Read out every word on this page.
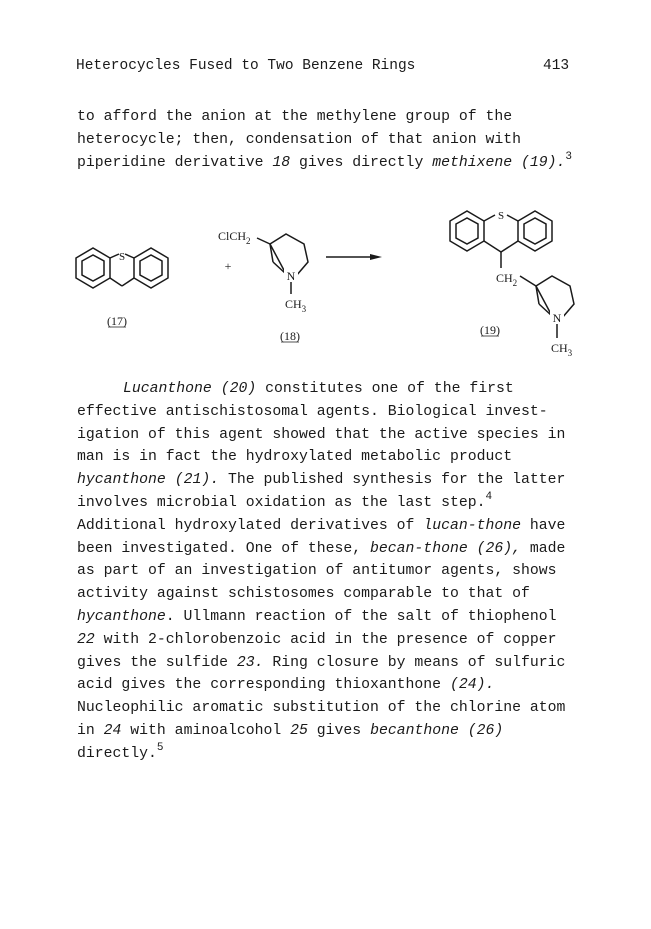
Heterocycles Fused to Two Benzene Rings	413

to afford the anion at the methylene group of the heterocycle; then, condensation of that anion with piperidine derivative 18 gives directly methixene (19).$^3$

S
(17)
+
ClCH$_2$
N
$CH_3$
(18)
S
$CH_2$
N
$CH_3$
(19)

Lucanthone (20) constitutes one of the first effective antischistosomal agents. Biological invest-igation of this agent showed that the active species in man is in fact the hydroxylated metabolic product hycanthone (21). The published synthesis for the latter involves microbial oxidation as the last step.$^4$ Additional hydroxylated derivatives of lucan-thone have been investigated. One of these, becan-thone (26), made as part of an investigation of antitumor agents, shows activity against schistosomes comparable to that of hycanthone. Ullmann reaction of the salt of thiophenol 22 with 2-chlorobenzoic acid in the presence of copper gives the sulfide 23. Ring closure by means of sulfuric acid gives the corresponding thioxanthone (24). Nucleophilic aromatic substitution of the chlorine atom in 24 with aminoalcohol 25 gives becanthone (26) directly.$^5$
